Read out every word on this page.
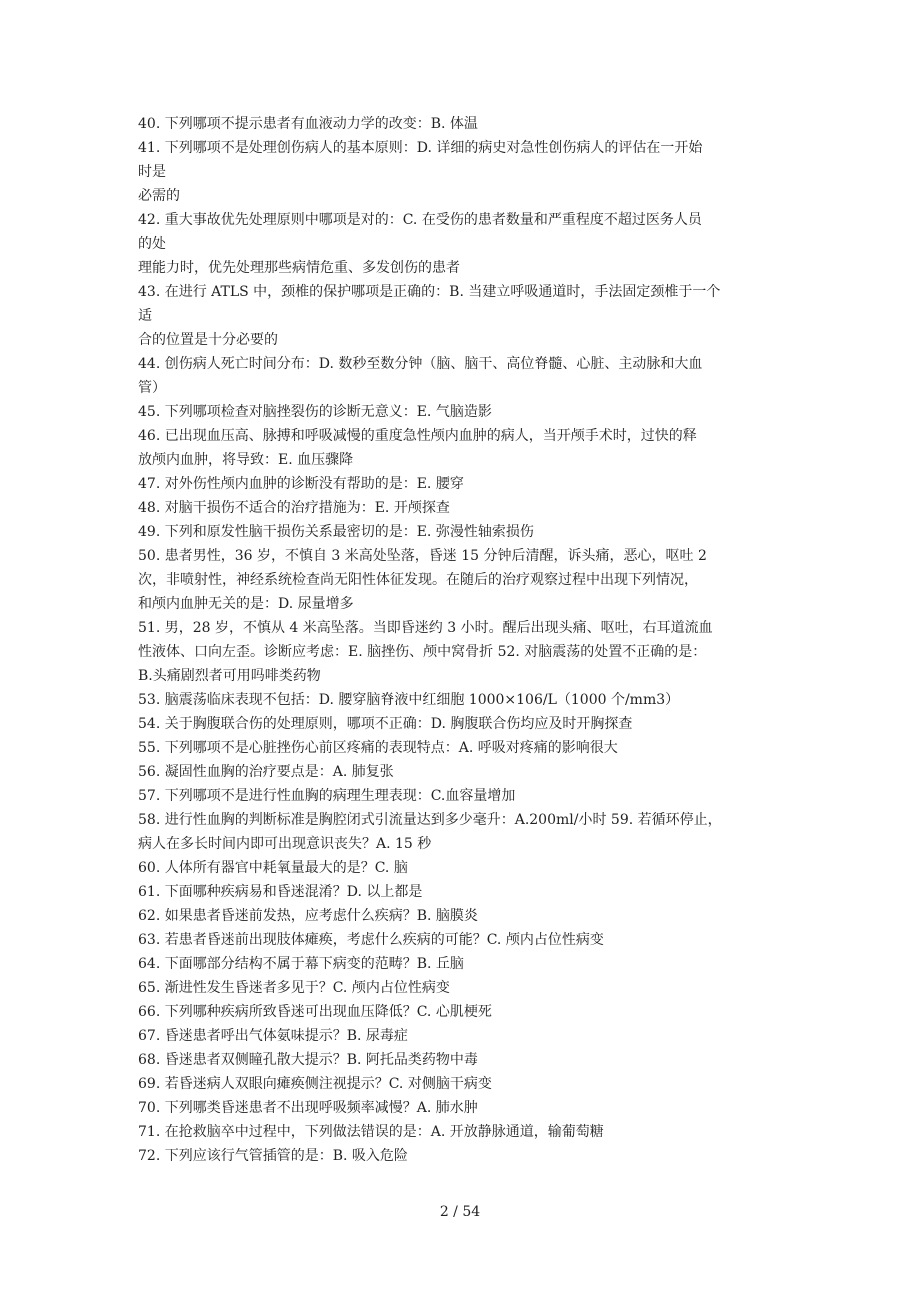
40. 下列哪项不提示患者有血液动力学的改变：B. 体温
41. 下列哪项不是处理创伤病人的基本原则：D. 详细的病史对急性创伤病人的评估在一开始
时是
必需的
42. 重大事故优先处理原则中哪项是对的：C. 在受伤的患者数量和严重程度不超过医务人员
的处
理能力时，优先处理那些病情危重、多发创伤的患者
43. 在进行 ATLS 中，颈椎的保护哪项是正确的：B. 当建立呼吸通道时，手法固定颈椎于一个
适
合的位置是十分必要的
44. 创伤病人死亡时间分布：D. 数秒至数分钟（脑、脑干、高位脊髓、心脏、主动脉和大血
管）
45. 下列哪项检查对脑挫裂伤的诊断无意义：E. 气脑造影
46. 已出现血压高、脉搏和呼吸减慢的重度急性颅内血肿的病人，当开颅手术时，过快的释
放颅内血肿，将导致：E. 血压骤降
47. 对外伤性颅内血肿的诊断没有帮助的是：E. 腰穿
48. 对脑干损伤不适合的治疗措施为：E. 开颅探查
49. 下列和原发性脑干损伤关系最密切的是：E. 弥漫性轴索损伤
50. 患者男性，36 岁，不慎自 3 米高处坠落，昏迷 15 分钟后清醒，诉头痛，恶心，呕吐 2
次，非喷射性，神经系统检查尚无阳性体征发现。在随后的治疗观察过程中出现下列情况，
和颅内血肿无关的是：D. 尿量增多
51. 男，28 岁，不慎从 4 米高坠落。当即昏迷约 3 小时。醒后出现头痛、呕吐，右耳道流血
性液体、口向左歪。诊断应考虑：E. 脑挫伤、颅中窝骨折 52. 对脑震荡的处置不正确的是：
B.头痛剧烈者可用吗啡类药物
53. 脑震荡临床表现不包括：D. 腰穿脑脊液中红细胞 1000×106/L（1000 个/mm3）
54. 关于胸腹联合伤的处理原则，哪项不正确：D. 胸腹联合伤均应及时开胸探查
55. 下列哪项不是心脏挫伤心前区疼痛的表现特点：A. 呼吸对疼痛的影响很大
56. 凝固性血胸的治疗要点是：A. 肺复张
57. 下列哪项不是进行性血胸的病理生理表现：C.血容量增加
58. 进行性血胸的判断标准是胸腔闭式引流量达到多少毫升：A.200ml/小时 59. 若循环停止，
病人在多长时间内即可出现意识丧失？A. 15 秒
60. 人体所有器官中耗氧量最大的是？C. 脑
61. 下面哪种疾病易和昏迷混淆？D. 以上都是
62. 如果患者昏迷前发热，应考虑什么疾病？B. 脑膜炎
63. 若患者昏迷前出现肢体瘫痪，考虑什么疾病的可能？C. 颅内占位性病变
64. 下面哪部分结构不属于幕下病变的范畴？B. 丘脑
65. 渐进性发生昏迷者多见于？C. 颅内占位性病变
66. 下列哪种疾病所致昏迷可出现血压降低？C. 心肌梗死
67. 昏迷患者呼出气体氨味提示？B. 尿毒症
68. 昏迷患者双侧瞳孔散大提示？B. 阿托品类药物中毒
69. 若昏迷病人双眼向瘫痪侧注视提示？C. 对侧脑干病变
70. 下列哪类昏迷患者不出现呼吸频率减慢？A. 肺水肿
71. 在抢救脑卒中过程中，下列做法错误的是：A. 开放静脉通道，输葡萄糖
72. 下列应该行气管插管的是：B. 吸入危险
2 / 54
